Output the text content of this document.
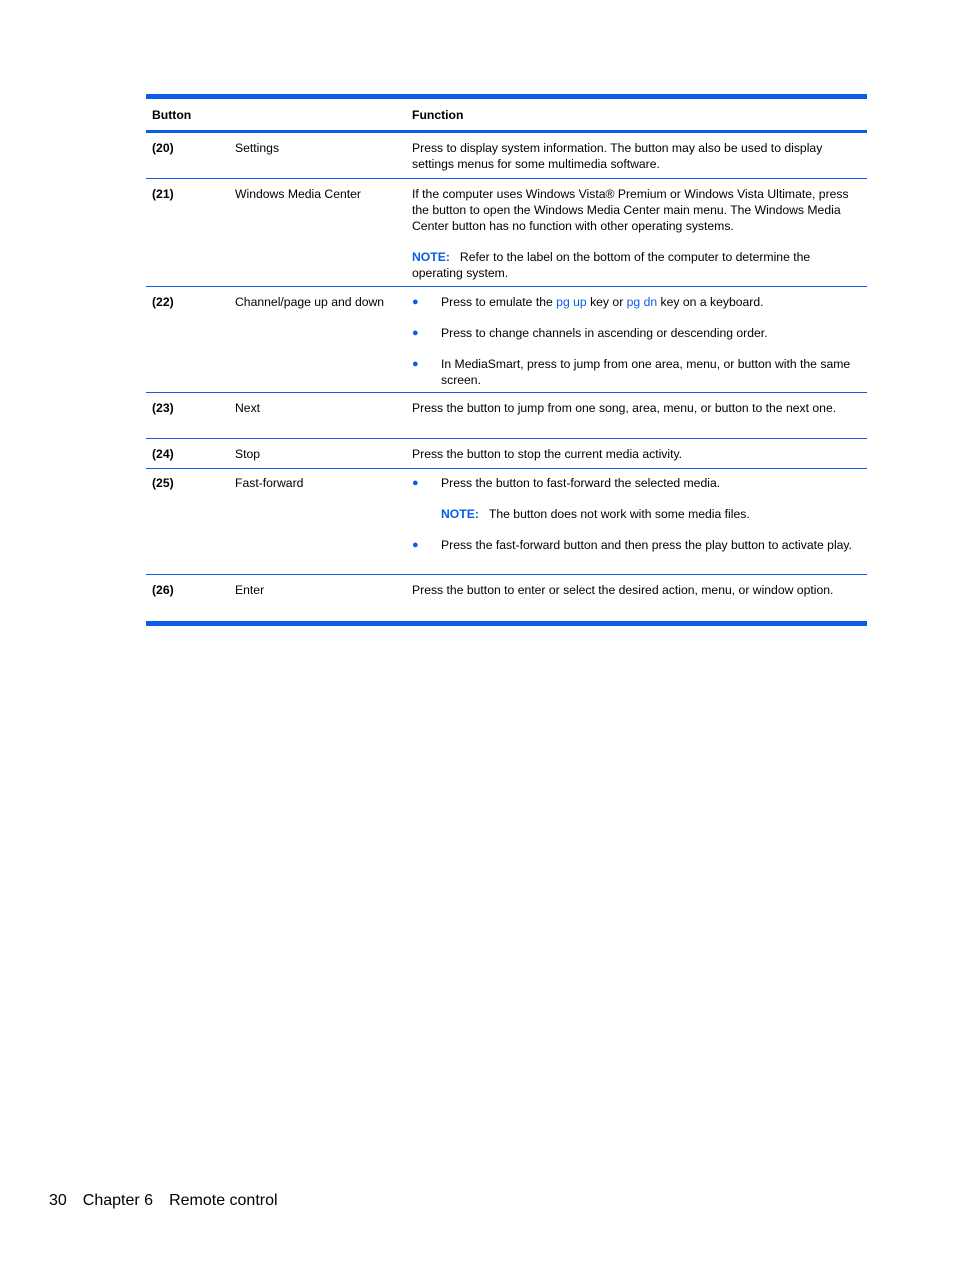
Button	Function
(20)	Settings	Press to display system information. The button may also be used to display settings menus for some multimedia software.

(21)	Windows Media Center	If the computer uses Windows Vista® Premium or Windows Vista Ultimate, press the button to open the Windows Media Center main menu. The Windows Media Center button has no function with other operating systems.

NOTE: Refer to the label on the bottom of the computer to determine the operating system.

(22)	Channel/page up and down	●	Press to emulate the pg up key or pg dn key on a keyboard.
●	Press to change channels in ascending or descending order.
●	In MediaSmart, press to jump from one area, menu, or button with the same screen.
(23)	Next	Press the button to jump from one song, area, menu, or button to the next one.

(24)	Stop	Press the button to stop the current media activity.

(25)	Fast-forward	●	Press the button to fast-forward the selected media.

NOTE: The button does not work with some media files.

●	Press the fast-forward button and then press the play button to activate play.
(26)	Enter	Press the button to enter or select the desired action, menu, or window option.

30 Chapter 6 Remote control
